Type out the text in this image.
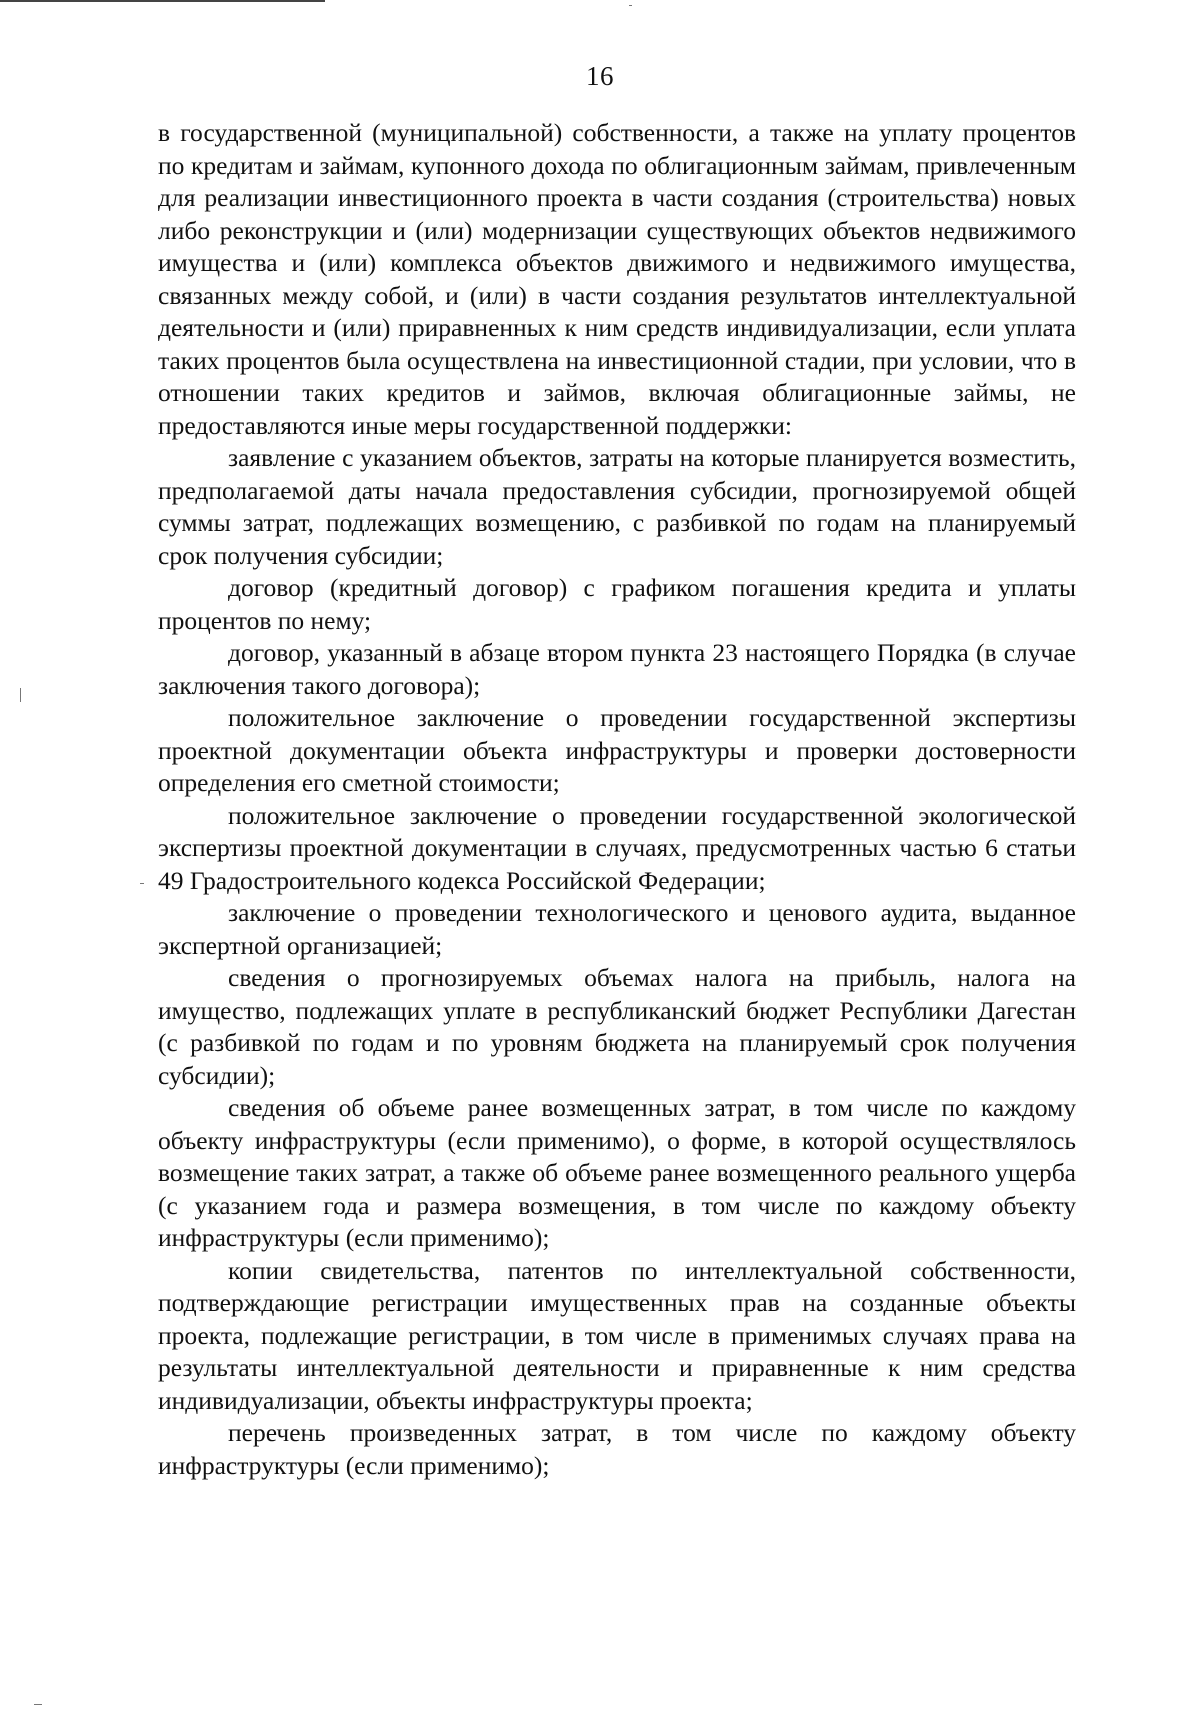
16

в государственной (муниципальной) собственности, а также на уплату процентов по кредитам и займам, купонного дохода по облигационным займам, привлеченным для реализации инвестиционного проекта в части создания (строительства) новых либо реконструкции и (или) модернизации существующих объектов недвижимого имущества и (или) комплекса объектов движимого и недвижимого имущества, связанных между собой, и (или) в части создания результатов интеллектуальной деятельности и (или) приравненных к ним средств индивидуализации, если уплата таких процентов была осуществлена на инвестиционной стадии, при условии, что в отношении таких кредитов и займов, включая облигационные займы, не предоставляются иные меры государственной поддержки:

заявление с указанием объектов, затраты на которые планируется возместить, предполагаемой даты начала предоставления субсидии, прогнозируемой общей суммы затрат, подлежащих возмещению, с разбивкой по годам на планируемый срок получения субсидии;

договор (кредитный договор) с графиком погашения кредита и уплаты процентов по нему;

договор, указанный в абзаце втором пункта 23 настоящего Порядка (в случае заключения такого договора);

положительное заключение о проведении государственной экспертизы проектной документации объекта инфраструктуры и проверки достоверности определения его сметной стоимости;

положительное заключение о проведении государственной экологической экспертизы проектной документации в случаях, предусмотренных частью 6 статьи 49 Градостроительного кодекса Российской Федерации;

заключение о проведении технологического и ценового аудита, выданное экспертной организацией;

сведения о прогнозируемых объемах налога на прибыль, налога на имущество, подлежащих уплате в республиканский бюджет Республики Дагестан (с разбивкой по годам и по уровням бюджета на планируемый срок получения субсидии);

сведения об объеме ранее возмещенных затрат, в том числе по каждому объекту инфраструктуры (если применимо), о форме, в которой осуществлялось возмещение таких затрат, а также об объеме ранее возмещенного реального ущерба (с указанием года и размера возмещения, в том числе по каждому объекту инфраструктуры (если применимо);

копии свидетельства, патентов по интеллектуальной собственности, подтверждающие регистрации имущественных прав на созданные объекты проекта, подлежащие регистрации, в том числе в применимых случаях права на результаты интеллектуальной деятельности и приравненные к ним средства индивидуализации, объекты инфраструктуры проекта;

перечень произведенных затрат, в том числе по каждому объекту инфраструктуры (если применимо);
